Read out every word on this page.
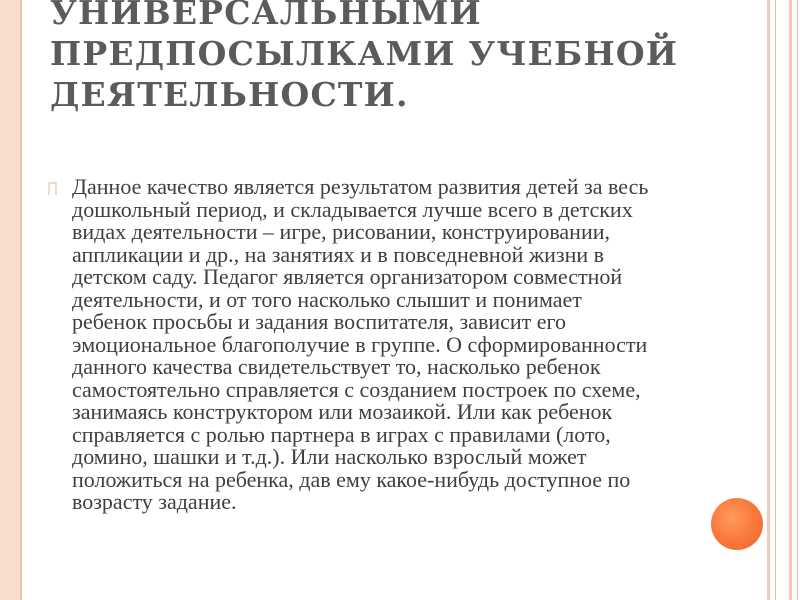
УНИВЕРСАЛЬНЫМИ
ПРЕДПОСЫЛКАМИ УЧЕБНОЙ
ДЕЯТЕЛЬНОСТИ.

Данное качество является результатом развития детей за весь
дошкольный период, и складывается лучше всего в детских
видах деятельности – игре, рисовании, конструировании,
аппликации и др., на занятиях и в повседневной жизни в
детском саду. Педагог является организатором совместной
деятельности, и от того насколько слышит и понимает
ребенок просьбы и задания воспитателя, зависит его
эмоциональное благополучие в группе. О сформированности
данного качества свидетельствует то, насколько ребенок
самостоятельно справляется с созданием построек по схеме,
занимаясь конструктором или мозаикой. Или как ребенок
справляется с ролью партнера в играх с правилами (лото,
домино, шашки и т.д.). Или насколько взрослый может
положиться на ребенка, дав ему какое-нибудь доступное по
возрасту задание.
